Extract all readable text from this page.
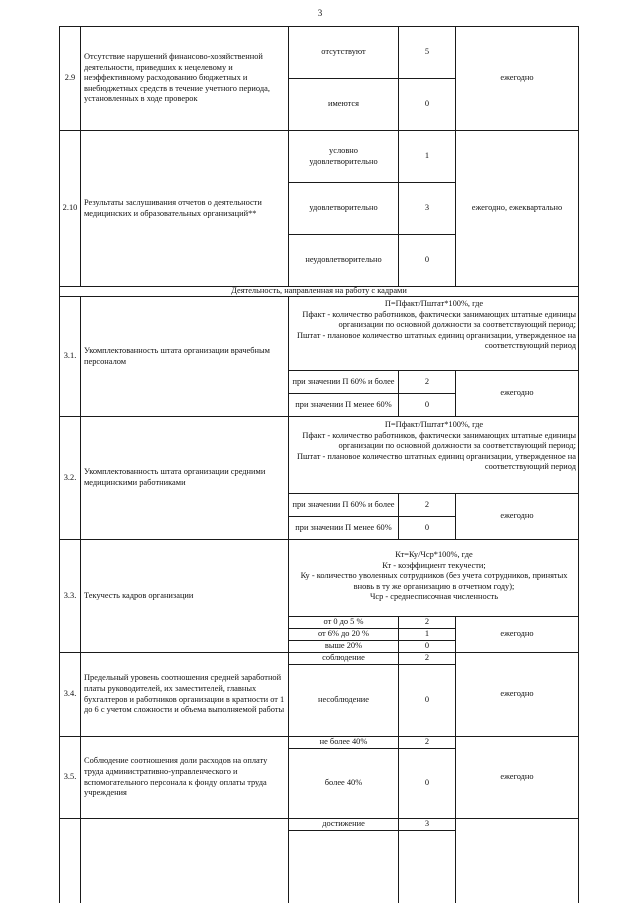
3
2.9
Отсутствие нарушений финансово-хозяйственной деятельности, приведших к нецелевому и неэффективному расходованию бюджетных и внебюджетных средств в течение учетного периода, установленных в ходе проверок
отсутствуют	5
имеются	0
ежегодно
2.10
Результаты заслушивания отчетов о деятельности медицинских и образовательных организаций**
условно удовлетворительно
1
удовлетворительно	3
неудовлетворительно	0
ежегодно, ежеквартально
Деятельность, направленная на работу с кадрами
3.1.
Укомплектованность штата организации врачебным персоналом
П=Пфакт/Пштат*100%, где
Пфакт - количество работников, фактически занимающих штатные единицы организации по основной должности за соответствующий период;
Пштат - плановое количество штатных единиц организации, утвержденное на соответствующий период
при значении П 60% и более	2
при значении П менее 60%	0
ежегодно
3.2.
Укомплектованность штата организации средними медицинскими работниками
П=Пфакт/Пштат*100%, где
Пфакт - количество работников, фактически занимающих штатные единицы организации по основной должности за соответствующий период;
Пштат - плановое количество штатных единиц организации, утвержденное на соответствующий период
при значении П 60% и более	2
при значении П менее 60%	0
ежегодно
3.3. Текучесть кадров организации
Кт=Ку/Чср*100%, где
Кт - коэффициент текучести;
Ку - количество уволенных сотрудников (без учета сотрудников, принятых вновь в ту же организацию в отчетном году);
Чср - среднесписочная численность
от 0 до 5 %	2
от 6% до 20 %	1
выше 20%	0
ежегодно
3.4.
Предельный уровень соотношения средней заработной платы руководителей, их заместителей, главных бухгалтеров и работников организации в кратности от 1 до 6 с учетом сложности и объема выполняемой работы
соблюдение	2
несоблюдение	0
ежегодно
3.5.
Соблюдение соотношения доли расходов на оплату труда административно-управленческого и вспомогательного персонала к фонду оплаты труда учреждения
не более 40%	2
более 40%	0
ежегодно
достижение	3
